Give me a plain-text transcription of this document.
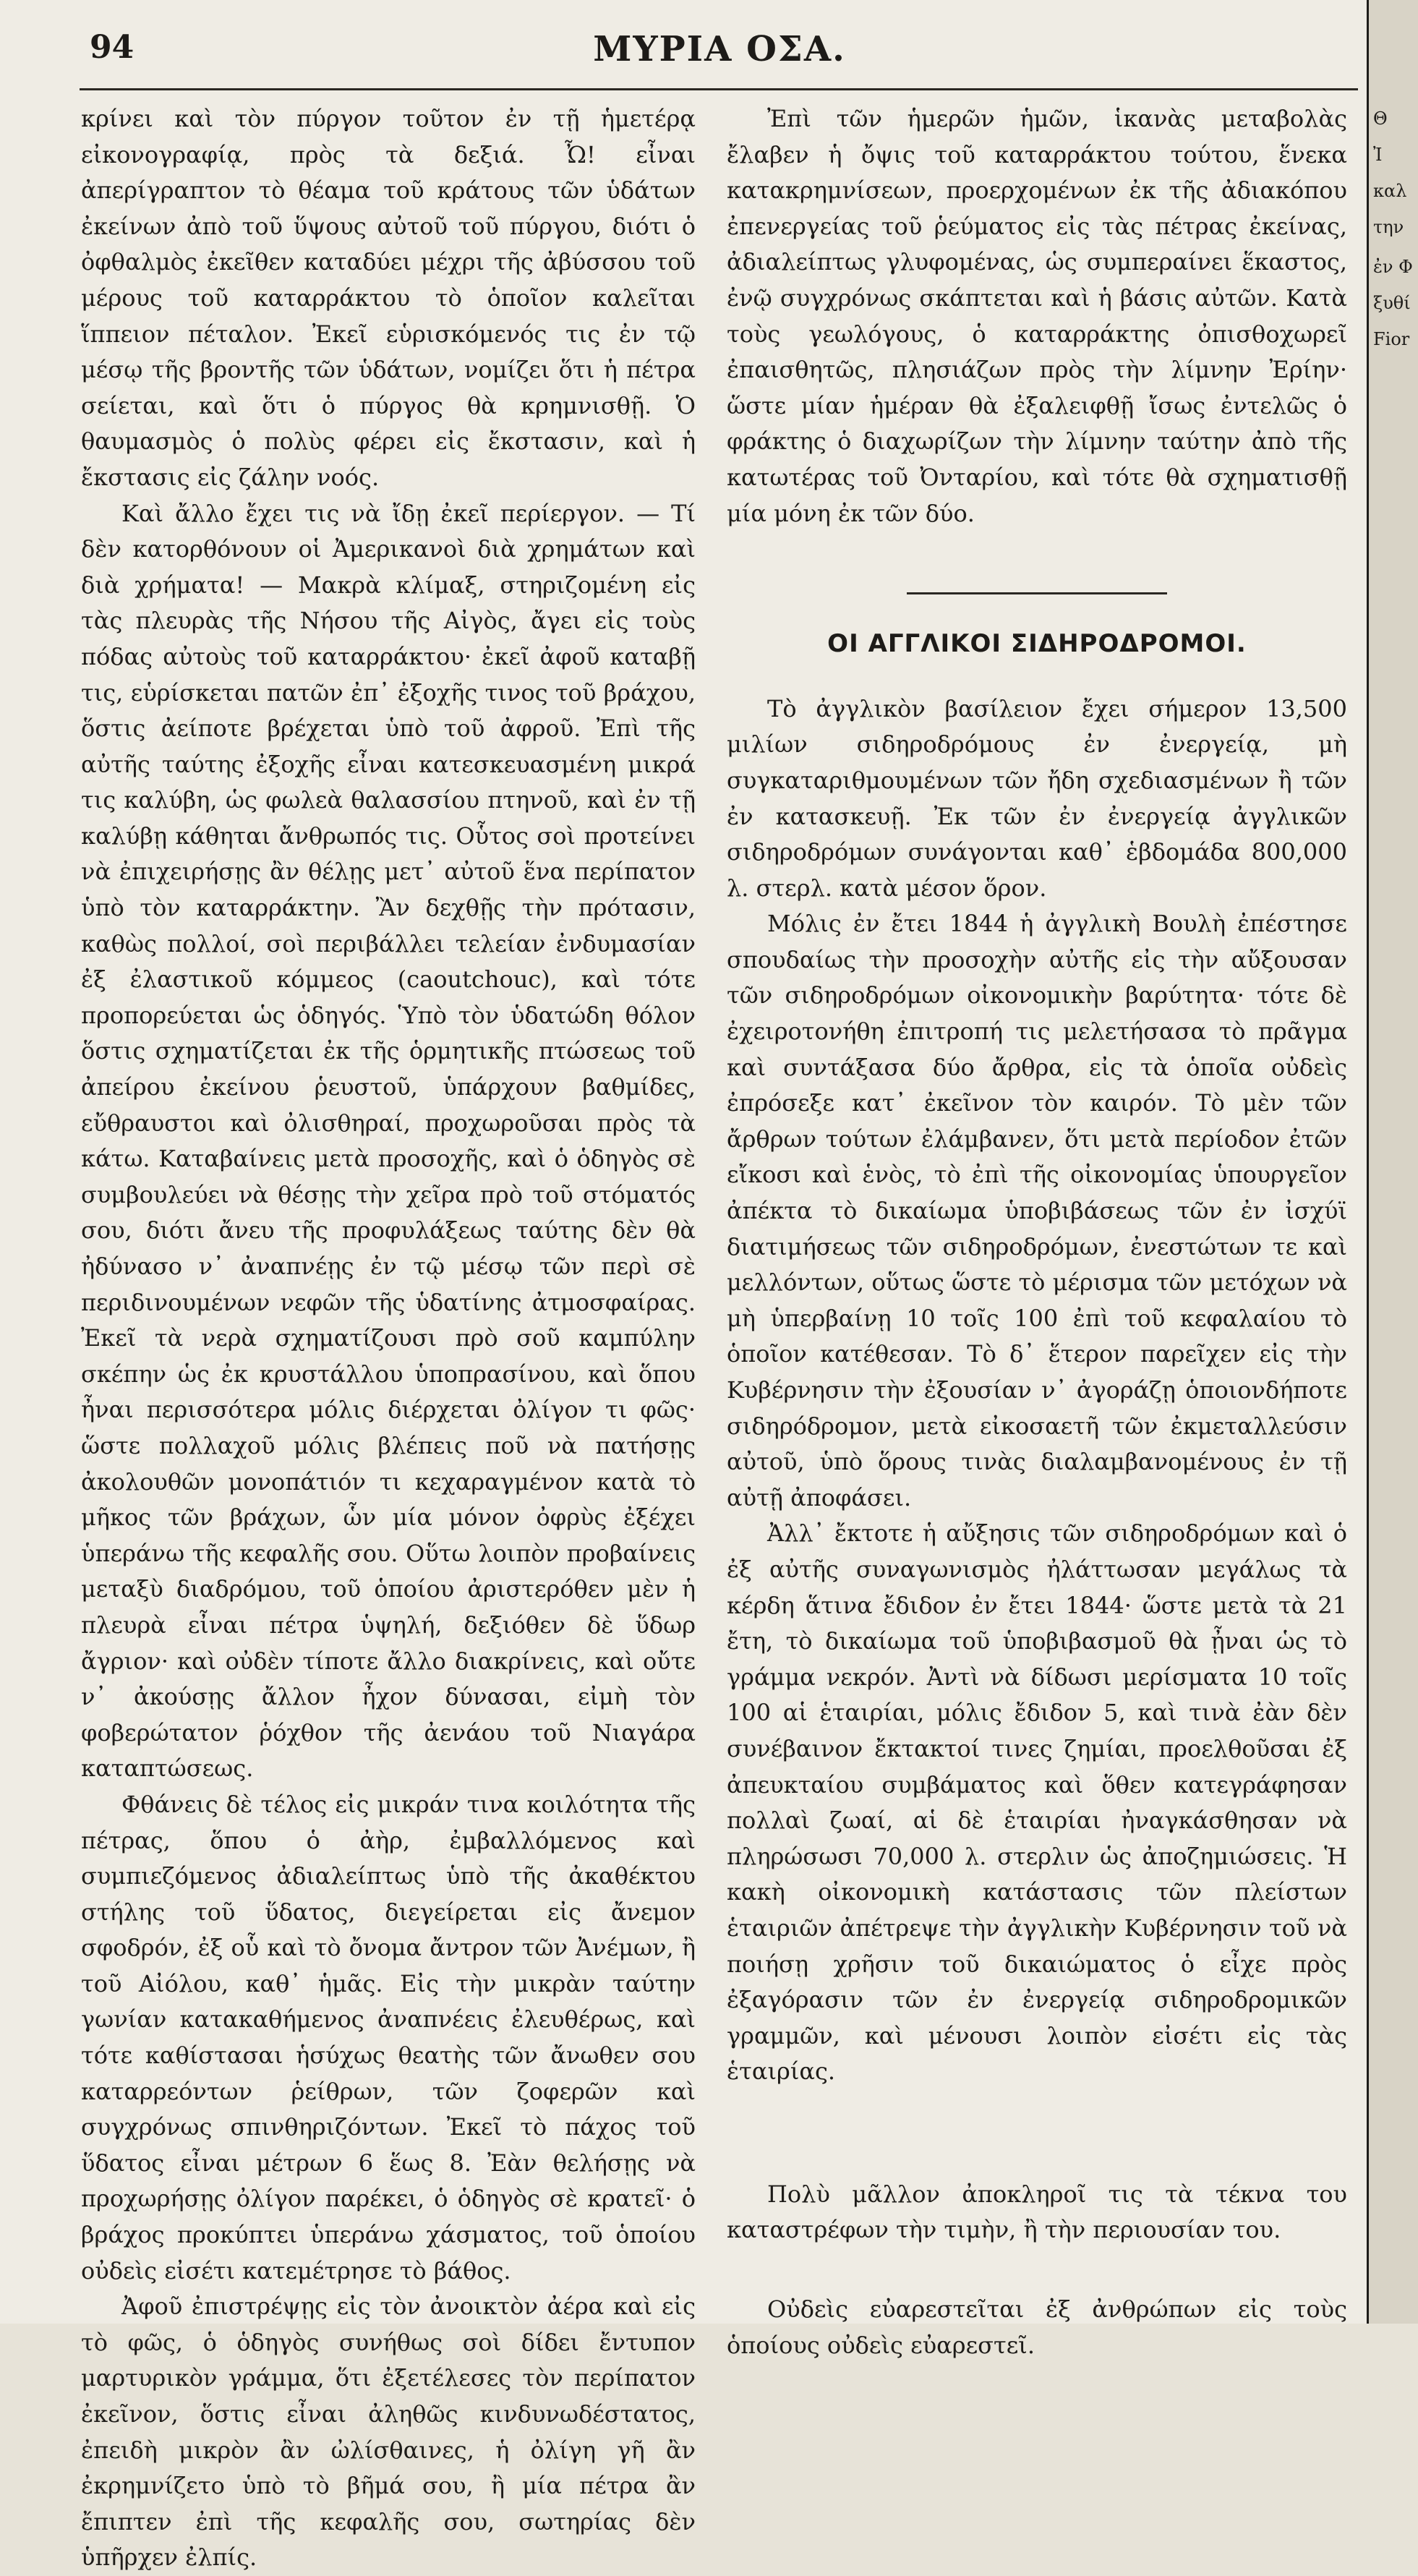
94	ΜΥΡΙΑ ΟΣΑ.

κρίνει καὶ τὸν πύργον τοῦτον ἐν τῇ ἡμετέρᾳ εἰκονογραφίᾳ, πρὸς τὰ δεξιά. Ὦ! εἶναι ἀπερίγραπτον τὸ θέαμα τοῦ κράτους τῶν ὑδάτων ἐκείνων ἀπὸ τοῦ ὕψους αὐτοῦ τοῦ πύργου, διότι ὁ ὀφθαλμὸς ἐκεῖθεν καταδύει μέχρι τῆς ἀβύσσου τοῦ μέρους τοῦ καταρράκτου τὸ ὁποῖον καλεῖται ἵππειον πέταλον. Ἐκεῖ εὑρισκόμενός τις ἐν τῷ μέσῳ τῆς βροντῆς τῶν ὑδάτων, νομίζει ὅτι ἡ πέτρα σείεται, καὶ ὅτι ὁ πύργος θὰ κρημνισθῇ. Ὁ θαυμασμὸς ὁ πολὺς φέρει εἰς ἔκστασιν, καὶ ἡ ἔκστασις εἰς ζάλην νοός.

Καὶ ἄλλο ἔχει τις νὰ ἴδῃ ἐκεῖ περίεργον. — Τί δὲν κατορθόνουν οἱ Ἀμερικανοὶ διὰ χρημάτων καὶ διὰ χρήματα! — Μακρὰ κλίμαξ, στηριζομένη εἰς τὰς πλευρὰς τῆς Νήσου τῆς Αἰγὸς, ἄγει εἰς τοὺς πόδας αὐτοὺς τοῦ καταρράκτου· ἐκεῖ ἀφοῦ καταβῇ τις, εὑρίσκεται πατῶν ἐπ᾿ ἐξοχῆς τινος τοῦ βράχου, ὅστις ἀείποτε βρέχεται ὑπὸ τοῦ ἀφροῦ. Ἐπὶ τῆς αὐτῆς ταύτης ἐξοχῆς εἶναι κατεσκευασμένη μικρά τις καλύβη, ὡς φωλεὰ θαλασσίου πτηνοῦ, καὶ ἐν τῇ καλύβῃ κάθηται ἄνθρωπός τις. Οὗτος σοὶ προτείνει νὰ ἐπιχειρήσῃς ἂν θέλῃς μετ᾿ αὐτοῦ ἕνα περίπατον ὑπὸ τὸν καταρράκτην. Ἂν δεχθῇς τὴν πρότασιν, καθὼς πολλοί, σοὶ περιβάλλει τελείαν ἐνδυμασίαν ἐξ ἐλαστικοῦ κόμμεος (caoutchouc), καὶ τότε προπορεύεται ὡς ὁδηγός. Ὑπὸ τὸν ὑδατώδη θόλον ὅστις σχηματίζεται ἐκ τῆς ὁρμητικῆς πτώσεως τοῦ ἀπείρου ἐκείνου ῥευστοῦ, ὑπάρχουν βαθμίδες, εὔθραυστοι καὶ ὀλισθηραί, προχωροῦσαι πρὸς τὰ κάτω. Καταβαίνεις μετὰ προσοχῆς, καὶ ὁ ὁδηγὸς σὲ συμβουλεύει νὰ θέσῃς τὴν χεῖρα πρὸ τοῦ στόματός σου, διότι ἄνευ τῆς προφυλάξεως ταύτης δὲν θὰ ἠδύνασο ν᾿ ἀναπνέῃς ἐν τῷ μέσῳ τῶν περὶ σὲ περιδινουμένων νεφῶν τῆς ὑδατίνης ἀτμοσφαίρας. Ἐκεῖ τὰ νερὰ σχηματίζουσι πρὸ σοῦ καμπύλην σκέπην ὡς ἐκ κρυστάλλου ὑποπρασίνου, καὶ ὅπου ἦναι περισσότερα μόλις διέρχεται ὀλίγον τι φῶς· ὥστε πολλαχοῦ μόλις βλέπεις ποῦ νὰ πατήσῃς ἀκολουθῶν μονοπάτιόν τι κεχαραγμένον κατὰ τὸ μῆκος τῶν βράχων, ὧν μία μόνον ὀφρὺς ἐξέχει ὑπεράνω τῆς κεφαλῆς σου. Οὕτω λοιπὸν προβαίνεις μεταξὺ διαδρόμου, τοῦ ὁποίου ἀριστερόθεν μὲν ἡ πλευρὰ εἶναι πέτρα ὑψηλή, δεξιόθεν δὲ ὕδωρ ἄγριον· καὶ οὐδὲν τίποτε ἄλλο διακρίνεις, καὶ οὔτε ν᾿ ἀκούσῃς ἄλλον ἦχον δύνασαι, εἰμὴ τὸν φοβερώτατον ῥόχθον τῆς ἀενάου τοῦ Νιαγάρα καταπτώσεως.

Φθάνεις δὲ τέλος εἰς μικράν τινα κοιλότητα τῆς πέτρας, ὅπου ὁ ἀὴρ, ἐμβαλλόμενος καὶ συμπιεζόμενος ἀδιαλείπτως ὑπὸ τῆς ἀκαθέκτου στήλης τοῦ ὕδατος, διεγείρεται εἰς ἄνεμον σφοδρόν, ἐξ οὗ καὶ τὸ ὄνομα ἄντρον τῶν Ἀνέμων, ἢ τοῦ Αἰόλου, καθ᾿ ἡμᾶς. Εἰς τὴν μικρὰν ταύτην γωνίαν κατακαθήμενος ἀναπνέεις ἐλευθέρως, καὶ τότε καθίστασαι ἡσύχως θεατὴς τῶν ἄνωθεν σου καταρρεόντων ῥείθρων, τῶν ζοφερῶν καὶ συγχρόνως σπινθηριζόντων. Ἐκεῖ τὸ πάχος τοῦ ὕδατος εἶναι μέτρων 6 ἕως 8. Ἐὰν θελήσῃς νὰ προχωρήσῃς ὀλίγον παρέκει, ὁ ὁδηγὸς σὲ κρατεῖ· ὁ βράχος προκύπτει ὑπεράνω χάσματος, τοῦ ὁποίου οὐδεὶς εἰσέτι κατεμέτρησε τὸ βάθος.

Ἀφοῦ ἐπιστρέψῃς εἰς τὸν ἀνοικτὸν ἀέρα καὶ εἰς τὸ φῶς, ὁ ὁδηγὸς συνήθως σοὶ δίδει ἔντυπον μαρτυρικὸν γράμμα, ὅτι ἐξετέλεσες τὸν περίπατον ἐκεῖνον, ὅστις εἶναι ἀληθῶς κινδυνωδέστατος, ἐπειδὴ μικρὸν ἂν ὠλίσθαινες, ἡ ὀλίγη γῆ ἂν ἐκρημνίζετο ὑπὸ τὸ βῆμά σου, ἢ μία πέτρα ἂν ἔπιπτεν ἐπὶ τῆς κεφαλῆς σου, σωτηρίας δὲν ὑπῆρχεν ἐλπίς.

Ἐπὶ τῶν ἡμερῶν ἡμῶν, ἱκανὰς μεταβολὰς ἔλαβεν ἡ ὄψις τοῦ καταρράκτου τούτου, ἕνεκα κατακρημνίσεων, προερχομένων ἐκ τῆς ἀδιακόπου ἐπενεργείας τοῦ ῥεύματος εἰς τὰς πέτρας ἐκείνας, ἀδιαλείπτως γλυφομένας, ὡς συμπεραίνει ἕκαστος, ἐνῷ συγχρόνως σκάπτεται καὶ ἡ βάσις αὐτῶν. Κατὰ τοὺς γεωλόγους, ὁ καταρράκτης ὀπισθοχωρεῖ ἐπαισθητῶς, πλησιάζων πρὸς τὴν λίμνην Ἐρίην· ὥστε μίαν ἡμέραν θὰ ἐξαλειφθῇ ἴσως ἐντελῶς ὁ φράκτης ὁ διαχωρίζων τὴν λίμνην ταύτην ἀπὸ τῆς κατωτέρας τοῦ Ὀνταρίου, καὶ τότε θὰ σχηματισθῇ μία μόνη ἐκ τῶν δύο.

ΟΙ ΑΓΓΛΙΚΟΙ ΣΙΔΗΡΟΔΡΟΜΟΙ.

Τὸ ἀγγλικὸν βασίλειον ἔχει σήμερον 13,500 μιλίων σιδηροδρόμους ἐν ἐνεργείᾳ, μὴ συγκαταριθμουμένων τῶν ἤδη σχεδιασμένων ἢ τῶν ἐν κατασκευῇ. Ἐκ τῶν ἐν ἐνεργείᾳ ἀγγλικῶν σιδηροδρόμων συνάγονται καθ᾿ ἑβδομάδα 800,000 λ. στερλ. κατὰ μέσον ὅρον.

Μόλις ἐν ἔτει 1844 ἡ ἀγγλικὴ Βουλὴ ἐπέστησε σπουδαίως τὴν προσοχὴν αὐτῆς εἰς τὴν αὔξουσαν τῶν σιδηροδρόμων οἰκονομικὴν βαρύτητα· τότε δὲ ἐχειροτονήθη ἐπιτροπή τις μελετήσασα τὸ πρᾶγμα καὶ συντάξασα δύο ἄρθρα, εἰς τὰ ὁποῖα οὐδεὶς ἐπρόσεξε κατ᾿ ἐκεῖνον τὸν καιρόν. Τὸ μὲν τῶν ἄρθρων τούτων ἐλάμβανεν, ὅτι μετὰ περίοδον ἐτῶν εἴκοσι καὶ ἑνὸς, τὸ ἐπὶ τῆς οἰκονομίας ὑπουργεῖον ἀπέκτα τὸ δικαίωμα ὑποβιβάσεως τῶν ἐν ἰσχύϊ διατιμήσεως τῶν σιδηροδρόμων, ἐνεστώτων τε καὶ μελλόντων, οὕτως ὥστε τὸ μέρισμα τῶν μετόχων νὰ μὴ ὑπερβαίνῃ 10 τοῖς 100 ἐπὶ τοῦ κεφαλαίου τὸ ὁποῖον κατέθεσαν. Τὸ δ᾿ ἕτερον παρεῖχεν εἰς τὴν Κυβέρνησιν τὴν ἐξουσίαν ν᾿ ἀγοράζῃ ὁποιονδήποτε σιδηρόδρομον, μετὰ εἰκοσαετῆ τῶν ἐκμεταλλεύσιν αὐτοῦ, ὑπὸ ὅρους τινὰς διαλαμβανομένους ἐν τῇ αὐτῇ ἀποφάσει.

Ἀλλ᾿ ἔκτοτε ἡ αὔξησις τῶν σιδηροδρόμων καὶ ὁ ἐξ αὐτῆς συναγωνισμὸς ἠλάττωσαν μεγάλως τὰ κέρδη ἅτινα ἔδιδον ἐν ἔτει 1844· ὥστε μετὰ τὰ 21 ἔτη, τὸ δικαίωμα τοῦ ὑποβιβασμοῦ θὰ ᾖναι ὡς τὸ γράμμα νεκρόν. Ἀντὶ νὰ δίδωσι μερίσματα 10 τοῖς 100 αἱ ἑταιρίαι, μόλις ἔδιδον 5, καὶ τινὰ ἐὰν δὲν συνέβαινον ἔκτακτοί τινες ζημίαι, προελθοῦσαι ἐξ ἀπευκταίου συμβάματος καὶ ὅθεν κατεγράφησαν πολλαὶ ζωαί, αἱ δὲ ἑταιρίαι ἠναγκάσθησαν νὰ πληρώσωσι 70,000 λ. στερλιν ὡς ἀποζημιώσεις. Ἡ κακὴ οἰκονομικὴ κατάστασις τῶν πλείστων ἑταιριῶν ἀπέτρεψε τὴν ἀγγλικὴν Κυβέρνησιν τοῦ νὰ ποιήσῃ χρῆσιν τοῦ δικαιώματος ὁ εἶχε πρὸς ἐξαγόρασιν τῶν ἐν ἐνεργείᾳ σιδηροδρομικῶν γραμμῶν, καὶ μένουσι λοιπὸν εἰσέτι εἰς τὰς ἑταιρίας.

Πολὺ μᾶλλον ἀποκληροῖ τις τὰ τέκνα του καταστρέφων τὴν τιμὴν, ἢ τὴν περιουσίαν του.

Οὐδεὶς εὐαρεστεῖται ἐξ ἀνθρώπων εἰς τοὺς ὁποίους οὐδεὶς εὐαρεστεῖ.

Θ
Ἰ
καλ
την
ἐν Φ
ξυθί
Fior
